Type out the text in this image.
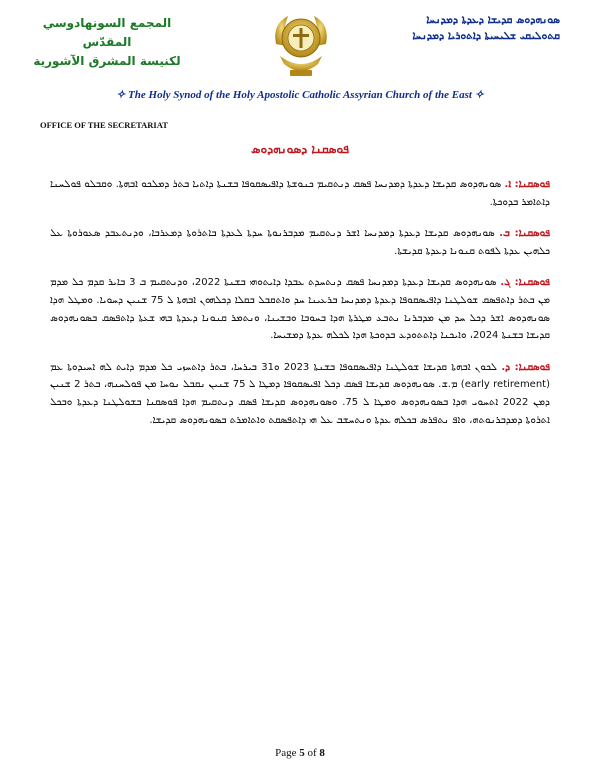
ܣܘܢܗܕܘܣ ܩܕܝܫܐ ܕܥܕܬܐ ܕܡܕܢܚܐ
ܩܬܘܠܝܩܝ ܫܠܝܚܝܬܐ ܕܐܬܘܪܝܐ ܕܡܕܢܚܐ
المجمع السونهادوسي المقدّس
لكنيسة المشرق الآشورية
✧ The Holy Synod of the Holy Apostolic Catholic Assyrian Church of the East ✧
OFFICE OF THE SECRETARIAT
ܦܘܣܩܢܐ ܕܣܘܢܗܕܘܣ

ܦܘܣܩܢܐ: ܐ. ܣܘܢܗܕܘܣ ܩܕܝܫܐ ܕܥܕܬܐ ܕܡܕܢܚܐ ܦܣܩ ܕܢܬܩܝܡ ܟܢܘܫܬܐ ܕܐܦܝܣܩܘܦܐ ܒܫܢܬܐ ܕܐܬܝܐ ܒܬܪ ܕܡܠܟܘ ܐܒܗܬܐ. ܘܩܒܠܘ ܦܘܠܚܢܐ ܕܐܬܐܡܪ ܒܕܘܟܬܐ.

ܦܘܣܩܢܐ: ܒ. ܣܘܢܗܕܘܣ ܩܕܝܫܐ ܕܥܕܬܐ ܕܡܕܢܚܐ ܐܫܪ ܕܢܬܩܝܡ ܡܕܒܪܢܘܬܐ ܚܕܬܐ ܠܥܕܬܐ ܒܐܬܪܘܬܐ ܕܡܥܪܒܐ، ܘܕܢܬܥܒܕ ܣܥܘܪܘܬܐ ܥܠ ܟܠܗܝܢ ܥܕܬܐ ܠܦܘܬ ܩܢܘܢܐ ܕܥܕܬܐ ܩܕܝܫܬܐ.

ܦܘܣܩܢܐ: ܓ. ܣܘܢܗܕܘܣ ܩܕܝܫܐ ܕܥܕܬܐ ܕܡܕܢܚܐ ܦܣܩ ܕܢܬܚܕܬ ܥܒܕܐ ܕܐܝܬܘܗܝ ܒܫܢܬܐ 2022، ܘܕܢܬܩܝܡ ܒ 3 ܒܐܝܪ ܩܕܡ ܟܠ ܡܕܡ ܡܢ ܒܬܪ ܕܐܬܦܣܩ ܫܘܠܛܢܐ ܕܐܦܝܣܩܘܦܐ ܕܥܕܬܐ ܕܡܕܢܚܐ ܒܪܥܝܢܐ ܚܕ ܘܐܬܩܒܠ ܒܩܠܐ ܕܟܠܗܘܢ ܐܒܗܬܐ ܠ 75 ܫܢܝܢ ܕܚܘܝܐ. ܘܡܛܠ ܗܕܐ ܣܘܢܗܕܘܣ ܐܫܪ ܕܟܠ ܚܕ ܡܢ ܡܕܒܪܢܐ ܢܬܒܥ ܡܛܪܬܐ ܗܕܐ ܒܚܘܒܐ ܘܒܫܝܢܐ، ܘܢܬܡܪ ܩܢܘܢܐ ܕܥܕܬܐ ܒܗܝ ܫܥܬܐ ܕܐܬܦܣܩ ܒܣܘܢܗܕܘܣ ܩܕܝܫܐ ܒܫܢܬܐ 2024، ܘܐܝܟܢܐ ܕܐܬܬܘܕܥ ܒܕܘܟܬܐ ܗܕܐ ܠܟܠܗ ܥܕܬܐ ܕܡܫܝܚܐ.

ܦܘܣܩܢܐ: ܕ. ܠܟܘܢ ܐܒܗܬܐ ܩܕܝܫܐ ܫܘܠܛܢܐ ܕܐܦܝܣܩܘܦܐ ܒܫܢܬܐ 2023 ܘ31 ܒܝܪܚܐ، ܒܬܪ ܕܐܬܚܙܝ ܟܠ ܡܕܡ ܕܐܝܬ ܠܗ ܐܚܝܕܘܬܐ ܥܡ (early retirement) ܡ.ܫ. ܣܘܢܗܕܘܣ ܩܕܝܫܐ ܦܣܩ ܕܟܠ ܐܦܝܣܩܘܦܐ ܕܡܛܐ ܠ 75 ܫܢܝܢ ܢܩܒܠ ܢܘܚܐ ܡܢ ܦܘܠܚܢܗ، ܒܬܪ 2 ܫܢܝܢ ܕܡܢ 2022 ܐܬܚܘܝ ܗܕܐ ܒܣܘܢܗܕܘܣ ܘܡܛܐ ܠ 75. ܘܣܘܢܗܕܘܣ ܩܕܝܫܐ ܦܣܩ ܕܢܬܩܝܡ ܗܕܐ ܦܘܣܩܢܐ ܒܫܘܠܛܢܐ ܕܥܕܬܐ ܘܒܟܠ ܐܬܪܘܬܐ ܕܡܕܒܪܢܘܬܗ، ܘܐܦ ܢܬܦܪܣ ܒܟܠܗ ܥܕܬܐ ܘܢܬܚܫܒ ܥܠ ܗܝ ܕܐܬܦܣܩܬ ܘܐܬܐܡܪܬ ܒܣܘܢܗܕܘܣ ܩܕܝܫܐ.

Page 5 of 8
